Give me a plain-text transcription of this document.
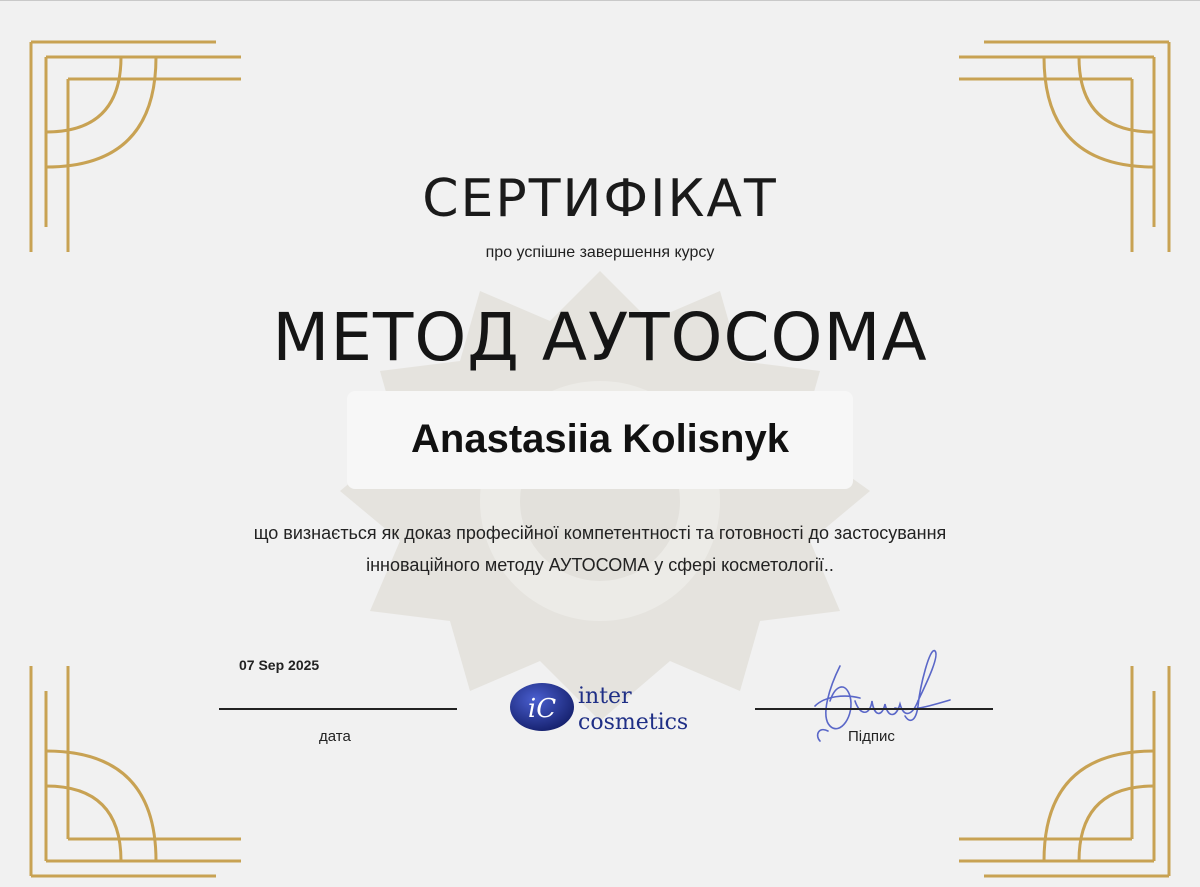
СЕРТИФІКАТ
про успішне завершення курсу
МЕТОД АУТОСОМА
Anastasiia Kolisnyk
що визнається як доказ професійної компетентності та готовності до застосування
інноваційного методу АУТОСОМА у сфері косметології..
07 Sep 2025
дата
iC inter
cosmetics
Підпис
